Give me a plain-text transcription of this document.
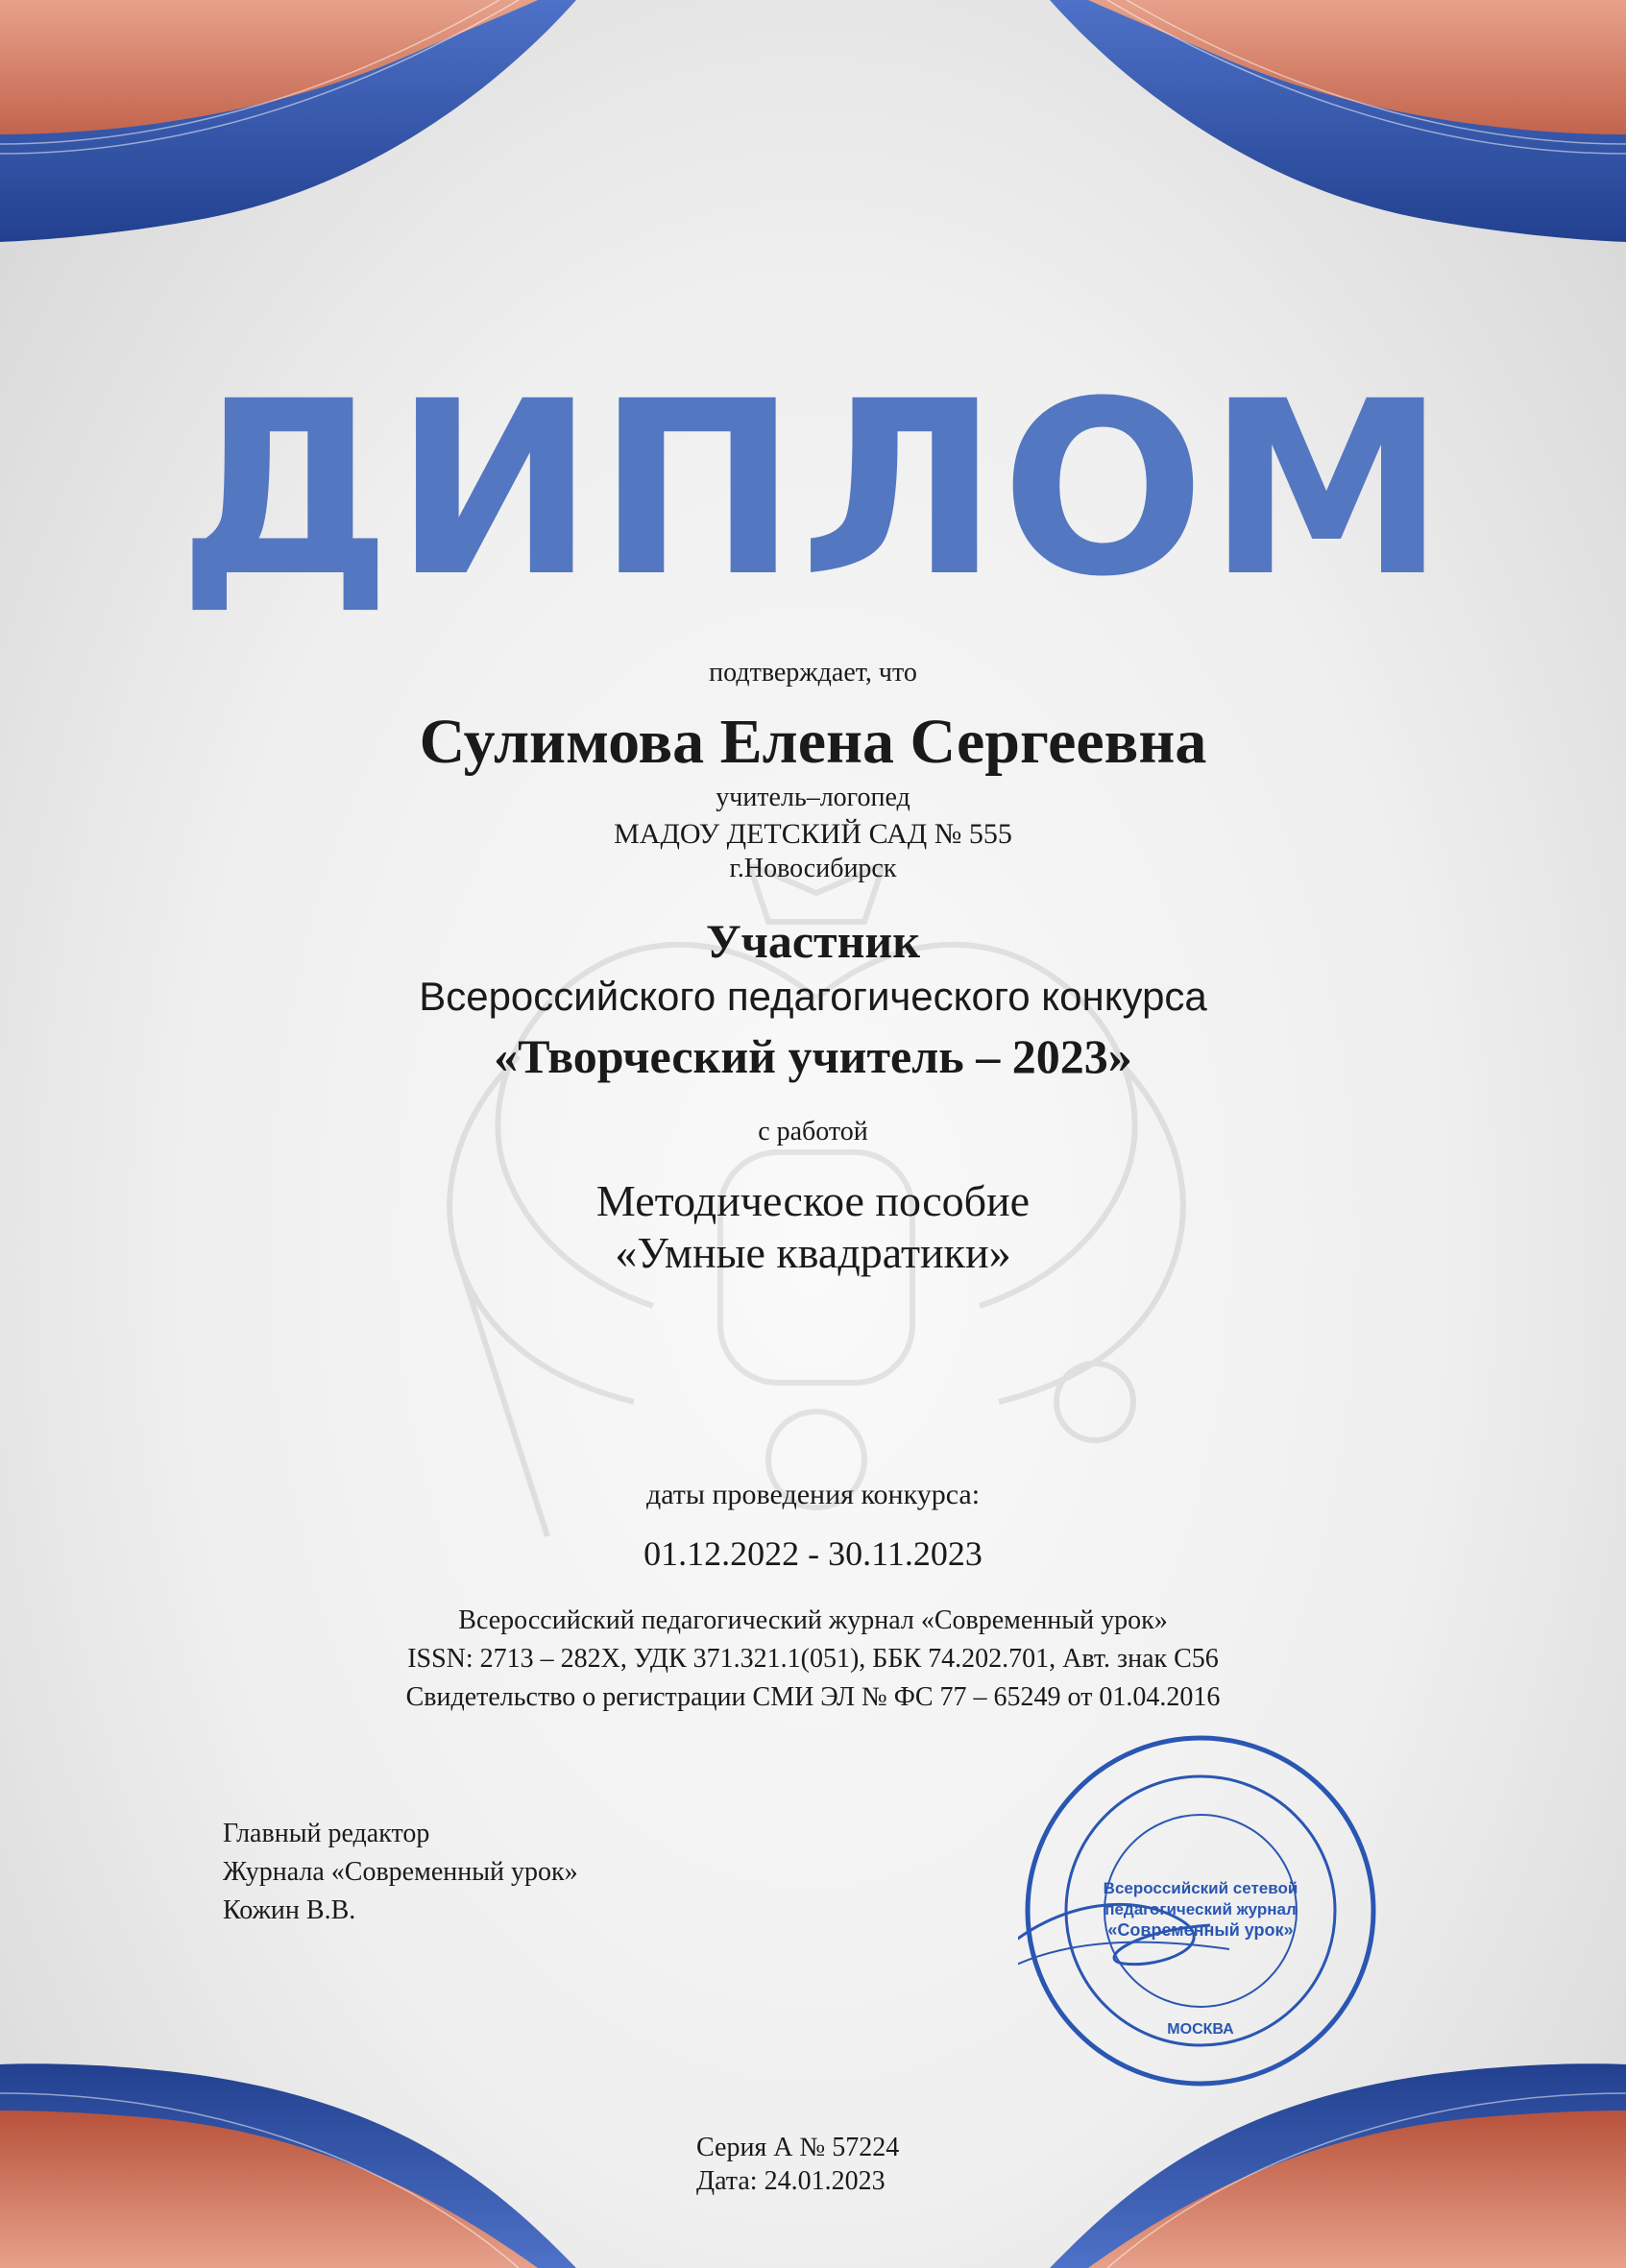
ДИПЛОМ
подтверждает, что
Сулимова Елена Сергеевна
учитель–логопед
МАДОУ ДЕТСКИЙ САД № 555
г.Новосибирск
Участник
Всероссийского педагогического конкурса
«Творческий учитель – 2023»
с работой
Методическое пособие
«Умные квадратики»
даты проведения конкурса:
01.12.2022 - 30.11.2023
Всероссийский педагогический журнал «Современный урок»
ISSN: 2713 – 282X, УДК 371.321.1(051), ББК 74.202.701, Авт. знак С56
Свидетельство о регистрации СМИ ЭЛ № ФС 77 – 65249 от 01.04.2016
Главный редактор
Журнала «Современный урок»
Кожин В.В.
Всероссийский сетевой
педагогический журнал
«Современный урок»
МОСКВА
Серия А № 57224
Дата: 24.01.2023
